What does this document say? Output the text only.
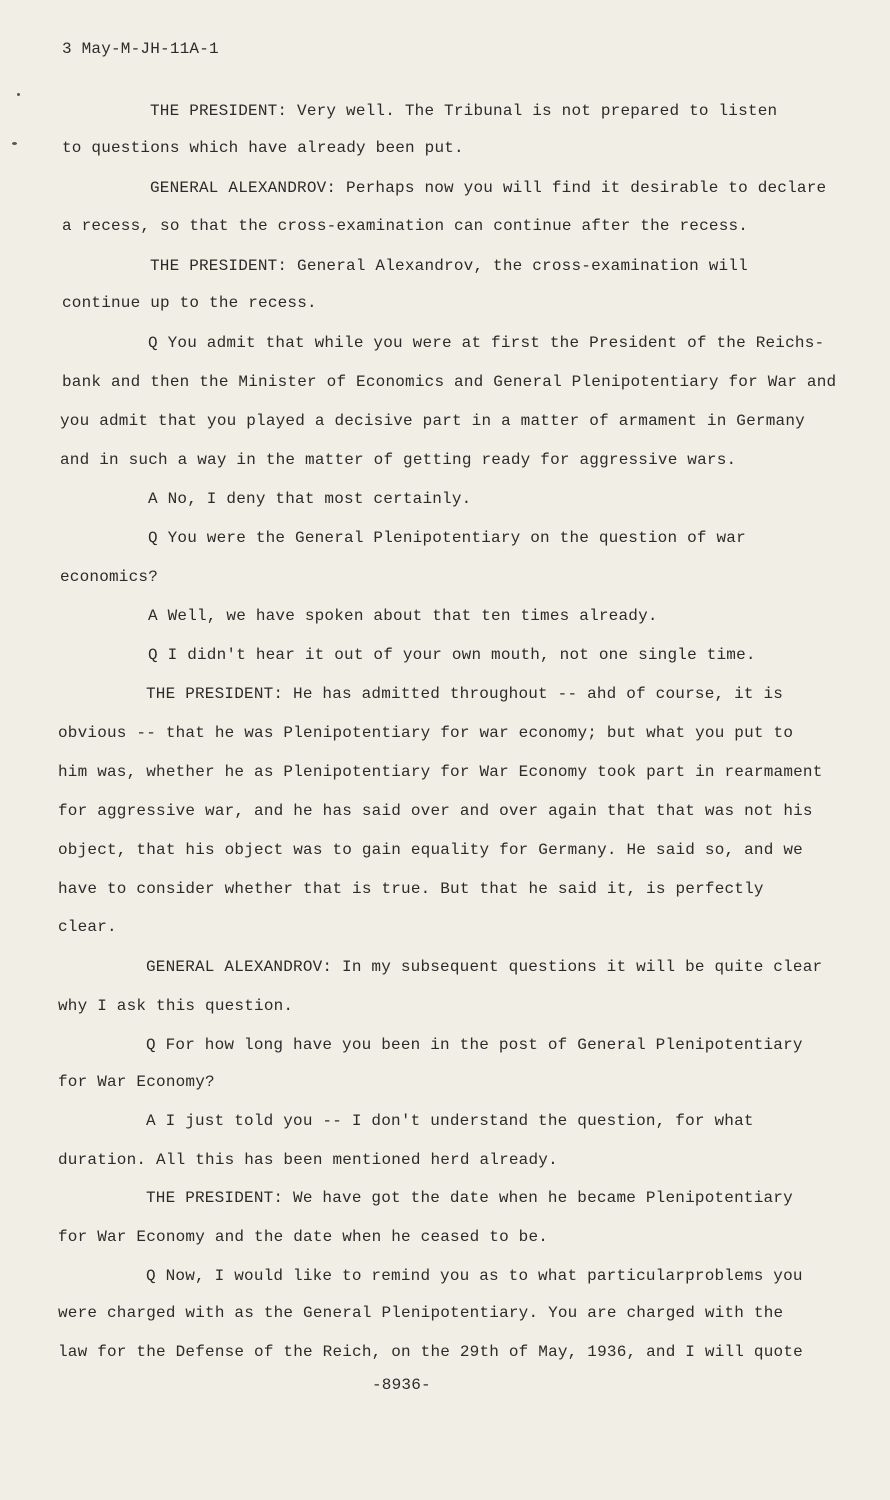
3 May-M-JH-11A-1
THE PRESIDENT: Very well. The Tribunal is not prepared to listen
to questions which have already been put.
GENERAL ALEXANDROV: Perhaps now you will find it desirable to declare
a recess, so that the cross-examination can continue after the recess.
THE PRESIDENT: General Alexandrov, the cross-examination will
continue up to the recess.
Q You admit that while you were at first the President of the Reichs-
bank and then the Minister of Economics and General Plenipotentiary for War and
you admit that you played a decisive part in a matter of armament in Germany
and in such a way in the matter of getting ready for aggressive wars.
A No, I deny that most certainly.
Q You were the General Plenipotentiary on the question of war
economics?
A Well, we have spoken about that ten times already.
Q I didn't hear it out of your own mouth, not one single time.
THE PRESIDENT: He has admitted throughout -- ahd of course, it is
obvious -- that he was Plenipotentiary for war economy; but what you put to
him was, whether he as Plenipotentiary for War Economy took part in rearmament
for aggressive war, and he has said over and over again that that was not his
object, that his object was to gain equality for Germany. He said so, and we
have to consider whether that is true. But that he said it, is perfectly
clear.
GENERAL ALEXANDROV: In my subsequent questions it will be quite clear
why I ask this question.
Q For how long have you been in the post of General Plenipotentiary
for War Economy?
A I just told you -- I don't understand the question, for what
duration. All this has been mentioned herd already.
THE PRESIDENT: We have got the date when he became Plenipotentiary
for War Economy and the date when he ceased to be.
Q Now, I would like to remind you as to what particularproblems you
were charged with as the General Plenipotentiary. You are charged with the
law for the Defense of the Reich, on the 29th of May, 1936, and I will quote
-8936-
